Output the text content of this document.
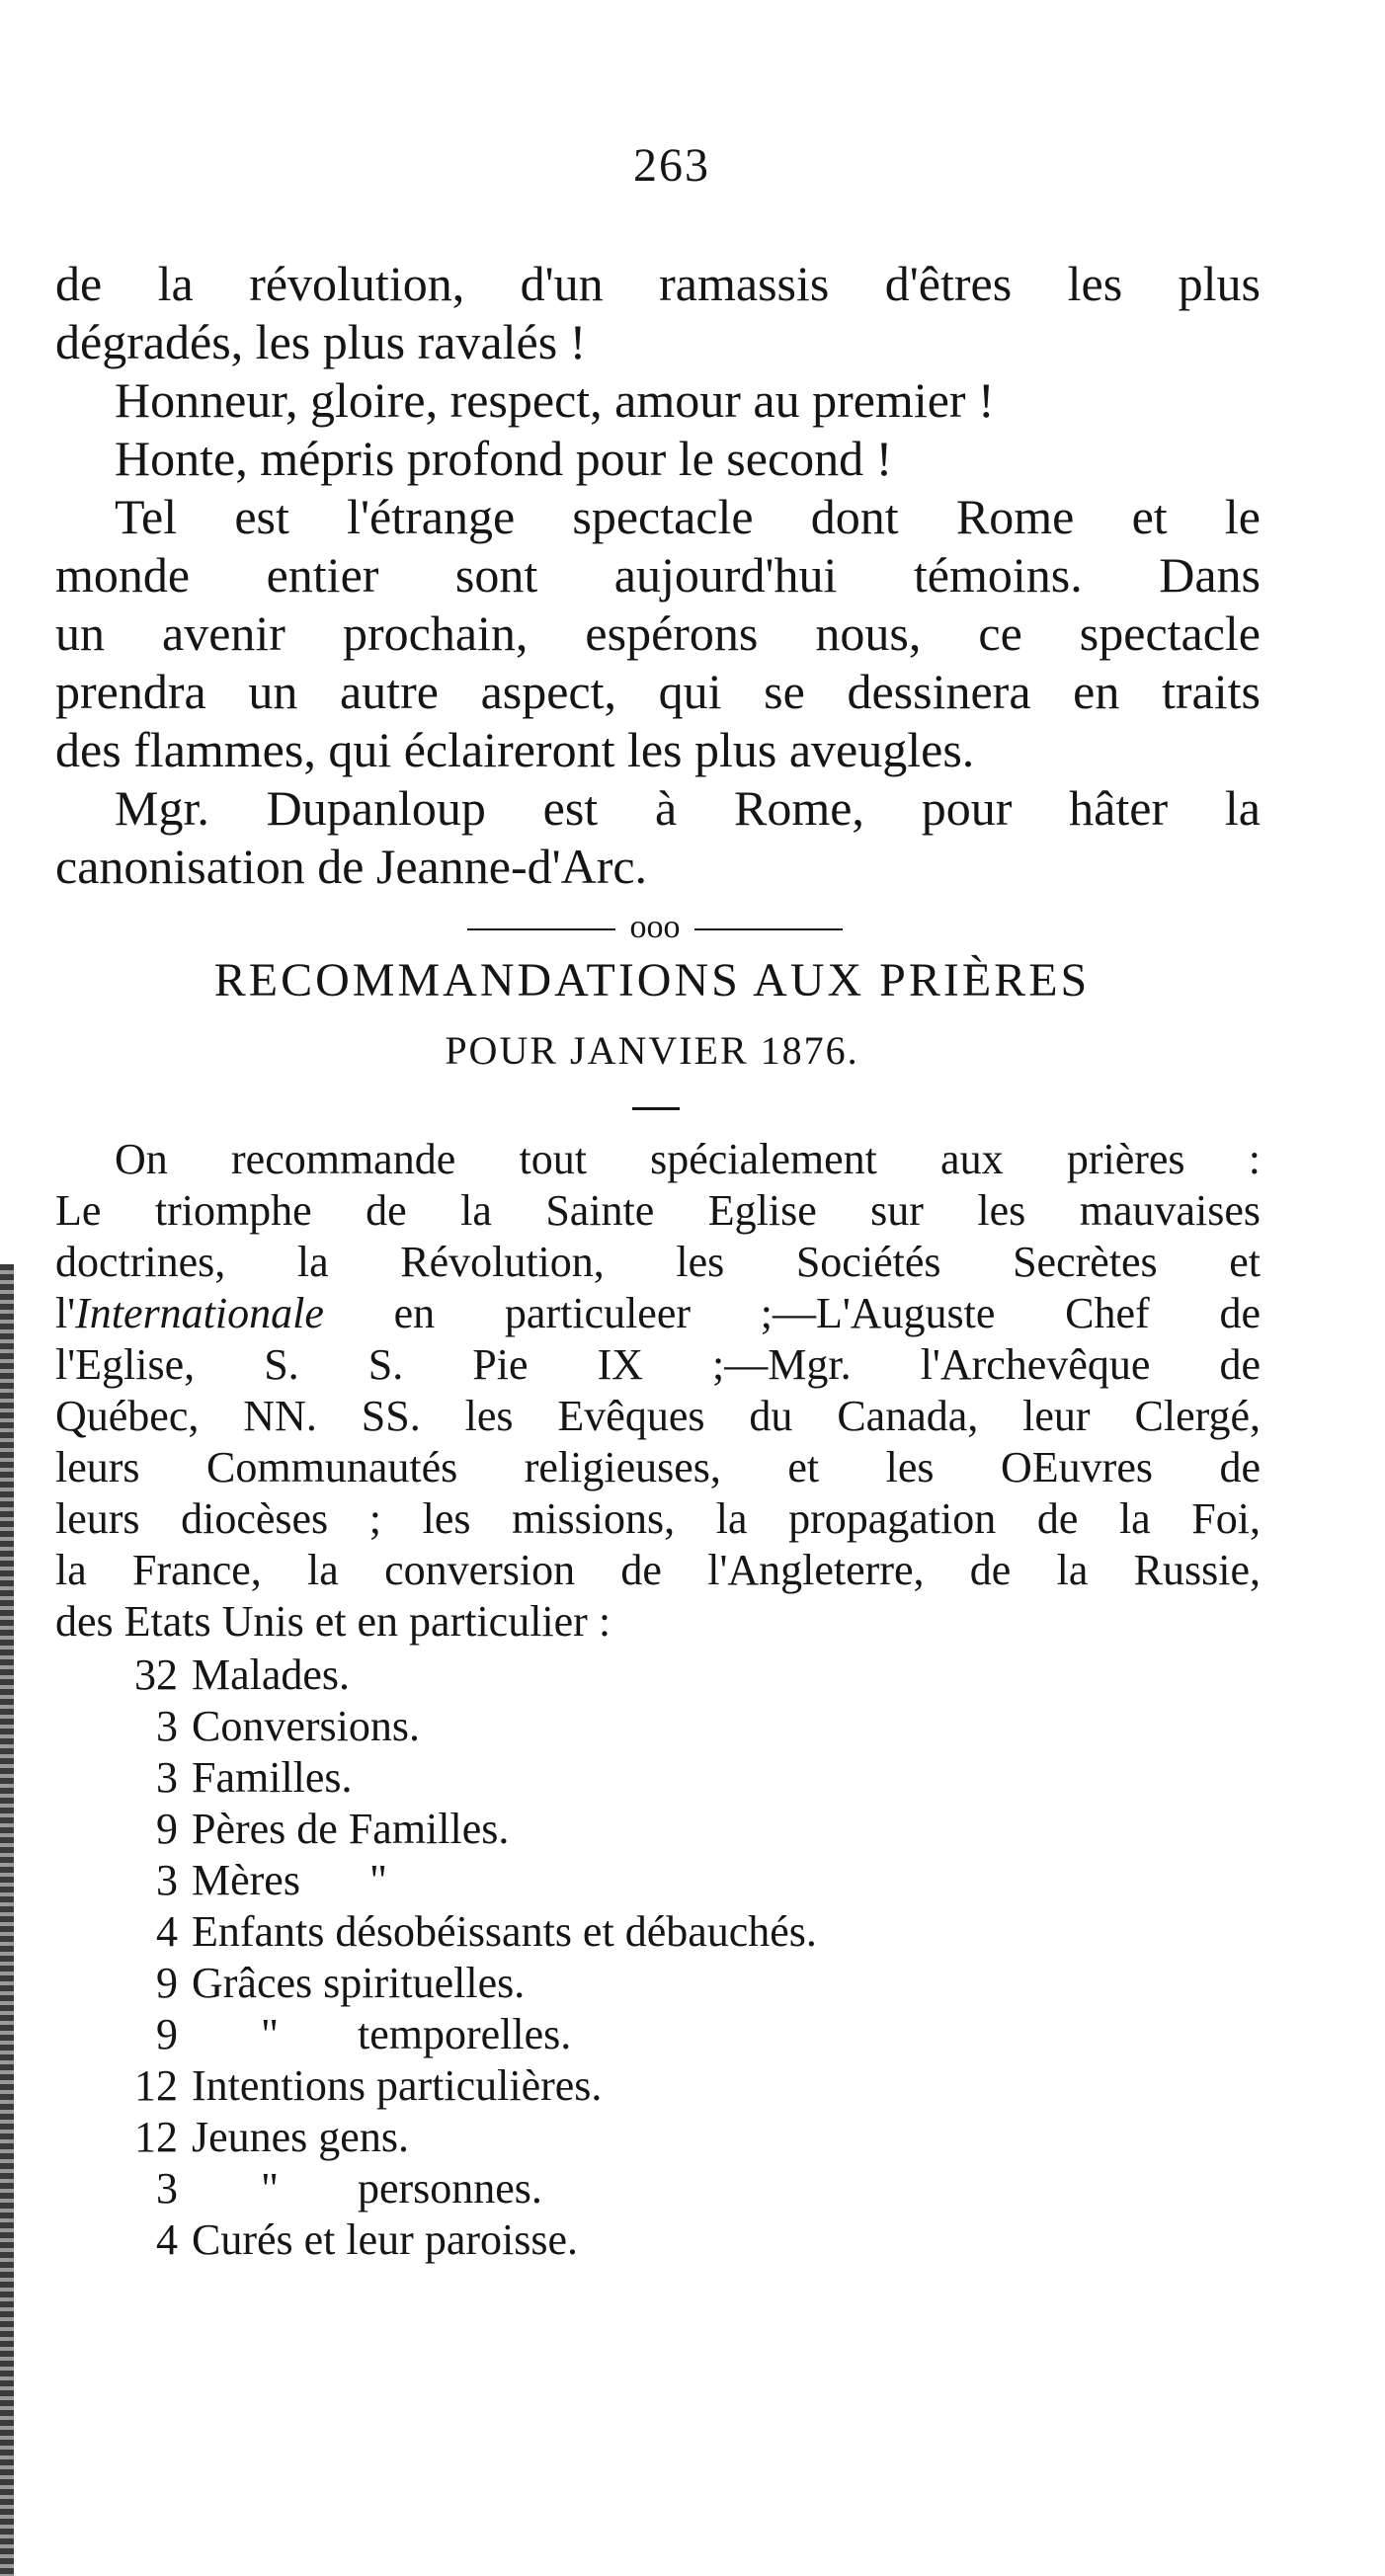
263
de la révolution, d'un ramassis d'êtres les plus
dégradés, les plus ravalés !
Honneur, gloire, respect, amour au premier !
Honte, mépris profond pour le second !
Tel est l'étrange spectacle dont Rome et le
monde entier sont aujourd'hui témoins. Dans
un avenir prochain, espérons nous, ce spectacle
prendra un autre aspect, qui se dessinera en traits
des flammes, qui éclaireront les plus aveugles.
Mgr. Dupanloup est à Rome, pour hâter la
canonisation de Jeanne-d'Arc.
ooo
RECOMMANDATIONS AUX PRIÈRES
POUR JANVIER 1876.
On recommande tout spécialement aux prières :
Le triomphe de la Sainte Eglise sur les mauvaises
doctrines, la Révolution, les Sociétés Secrètes et
l'Internationale en particuleer ;—L'Auguste Chef de
l'Eglise, S. S. Pie IX ;—Mgr. l'Archevêque de
Québec, NN. SS. les Evêques du Canada, leur Clergé,
leurs Communautés religieuses, et les OEuvres de
leurs diocèses ; les missions, la propagation de la Foi,
la France, la conversion de l'Angleterre, de la Russie,
des Etats Unis et en particulier :
32 Malades.
3 Conversions.
3 Familles.
9 Pères de Familles.
3 Mères	"
4 Enfants désobéissants et débauchés.
9 Grâces spirituelles.
9	"	temporelles.
12 Intentions particulières.
12 Jeunes gens.
3	"	personnes.
4 Curés et leur paroisse.
